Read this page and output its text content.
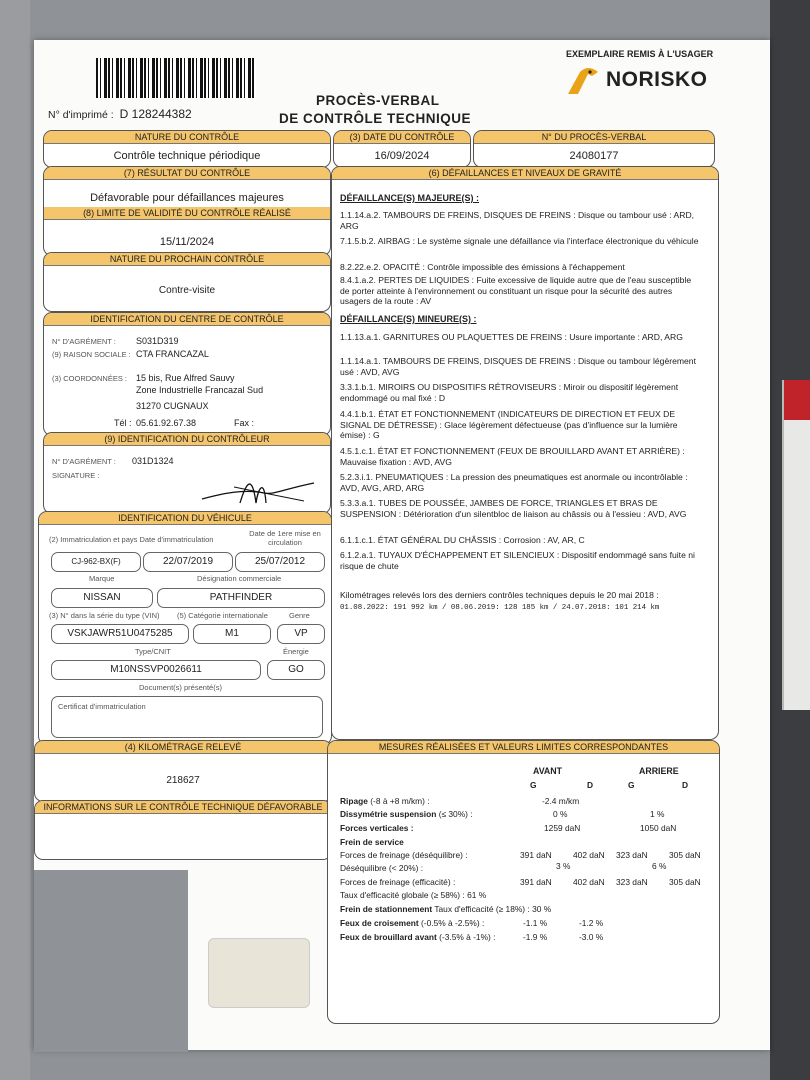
N° d'imprimé : D 128244382
PROCÈS-VERBAL
DE CONTRÔLE TECHNIQUE
EXEMPLAIRE REMIS À L'USAGER
NORISKO
NATURE DU CONTRÔLE
Contrôle technique périodique
(3) DATE DU CONTRÔLE
16/09/2024
N° DU PROCÈS-VERBAL
24080177
(7) RÉSULTAT DU CONTRÔLE
Défavorable pour défaillances majeures
(8) LIMITE DE VALIDITÉ DU CONTRÔLE RÉALISÉ
15/11/2024
NATURE DU PROCHAIN CONTRÔLE
Contre-visite
IDENTIFICATION DU CENTRE DE CONTRÔLE
N° D'AGRÉMENT : S031D319
(9) RAISON SOCIALE : CTA FRANCAZAL
(3) COORDONNÉES : 15 bis, Rue Alfred Sauvy
Zone Industrielle Francazal Sud
31270 CUGNAUX
Tél : 05.61.92.67.38	Fax :
(9) IDENTIFICATION DU CONTRÔLEUR
N° D'AGRÉMENT : 031D1324
SIGNATURE :
IDENTIFICATION DU VÉHICULE
(2) Immatriculation et pays Date d'immatriculation
Date de 1ere mise en circulation
CJ-962-BX(F)	22/07/2019	25/07/2012
Marque	Désignation commerciale
NISSAN	PATHFINDER
(3) N° dans la série du type (VIN) (5) Catégorie internationale	Genre
VSKJAWR51U0475285	M1	VP
Type/CNIT	Énergie
M10NSSVP0026611	GO
Document(s) présenté(s)
Certificat d'immatriculation
(4) KILOMÉTRAGE RELEVÉ
218627
INFORMATIONS SUR LE CONTRÔLE TECHNIQUE DÉFAVORABLE
(6) DÉFAILLANCES ET NIVEAUX DE GRAVITÉ
DÉFAILLANCE(S) MAJEURE(S) :
1.1.14.a.2. TAMBOURS DE FREINS, DISQUES DE FREINS : Disque ou tambour usé : ARD, ARG
7.1.5.b.2. AIRBAG : Le système signale une défaillance via l'interface électronique du véhicule
8.2.22.e.2. OPACITÉ : Contrôle impossible des émissions à l'échappement
8.4.1.a.2. PERTES DE LIQUIDES : Fuite excessive de liquide autre que de l'eau susceptible de porter atteinte à l'environnement ou constituant un risque pour la sécurité des autres usagers de la route : AV
DÉFAILLANCE(S) MINEURE(S) :
1.1.13.a.1. GARNITURES OU PLAQUETTES DE FREINS : Usure importante : ARD, ARG
1.1.14.a.1. TAMBOURS DE FREINS, DISQUES DE FREINS : Disque ou tambour légèrement usé : AVD, AVG
3.3.1.b.1. MIROIRS OU DISPOSITIFS RÉTROVISEURS : Miroir ou dispositif légèrement endommagé ou mal fixé : D
4.4.1.b.1. ÉTAT ET FONCTIONNEMENT (INDICATEURS DE DIRECTION ET FEUX DE SIGNAL DE DÉTRESSE) : Glace légèrement défectueuse (pas d'influence sur la lumière émise) : G
4.5.1.c.1. ÉTAT ET FONCTIONNEMENT (FEUX DE BROUILLARD AVANT ET ARRIÈRE) : Mauvaise fixation : AVD, AVG
5.2.3.i.1. PNEUMATIQUES : La pression des pneumatiques est anormale ou incontrôlable : AVD, AVG, ARD, ARG
5.3.3.a.1. TUBES DE POUSSÉE, JAMBES DE FORCE, TRIANGLES ET BRAS DE SUSPENSION : Détérioration d'un silentbloc de liaison au châssis ou à l'essieu : AVD, AVG
6.1.1.c.1. ÉTAT GÉNÉRAL DU CHÂSSIS : Corrosion : AV, AR, C
6.1.2.a.1. TUYAUX D'ÉCHAPPEMENT ET SILENCIEUX : Dispositif endommagé sans fuite ni risque de chute
Kilométrages relevés lors des derniers contrôles techniques depuis le 20 mai 2018 :
01.08.2022: 191 992 km / 08.06.2019: 128 185 km / 24.07.2018: 101 214 km
MESURES RÉALISÉES ET VALEURS LIMITES CORRESPONDANTES
AVANT	ARRIERE
G	D	G	D
Ripage (-8 à +8 m/km) :	-2.4 m/km
Dissymétrie suspension (≤ 30%) :	0 %	1 %
Forces verticales :	1259 daN	1050 daN
Frein de service
Forces de freinage (déséquilibre) :	391 daN	402 daN 323 daN	305 daN
Déséquilibre (< 20%) :	3 %	6 %
Forces de freinage (efficacité) :	391 daN	402 daN 323 daN	305 daN
Taux d'efficacité globale (≥ 58%) : 61 %
Frein de stationnement Taux d'efficacité (≥ 18%) : 30 %
Feux de croisement (-0.5% à -2.5%) :	-1.1 %	-1.2 %
Feux de brouillard avant (-3.5% à -1%) :	-1.9 %	-3.0 %
